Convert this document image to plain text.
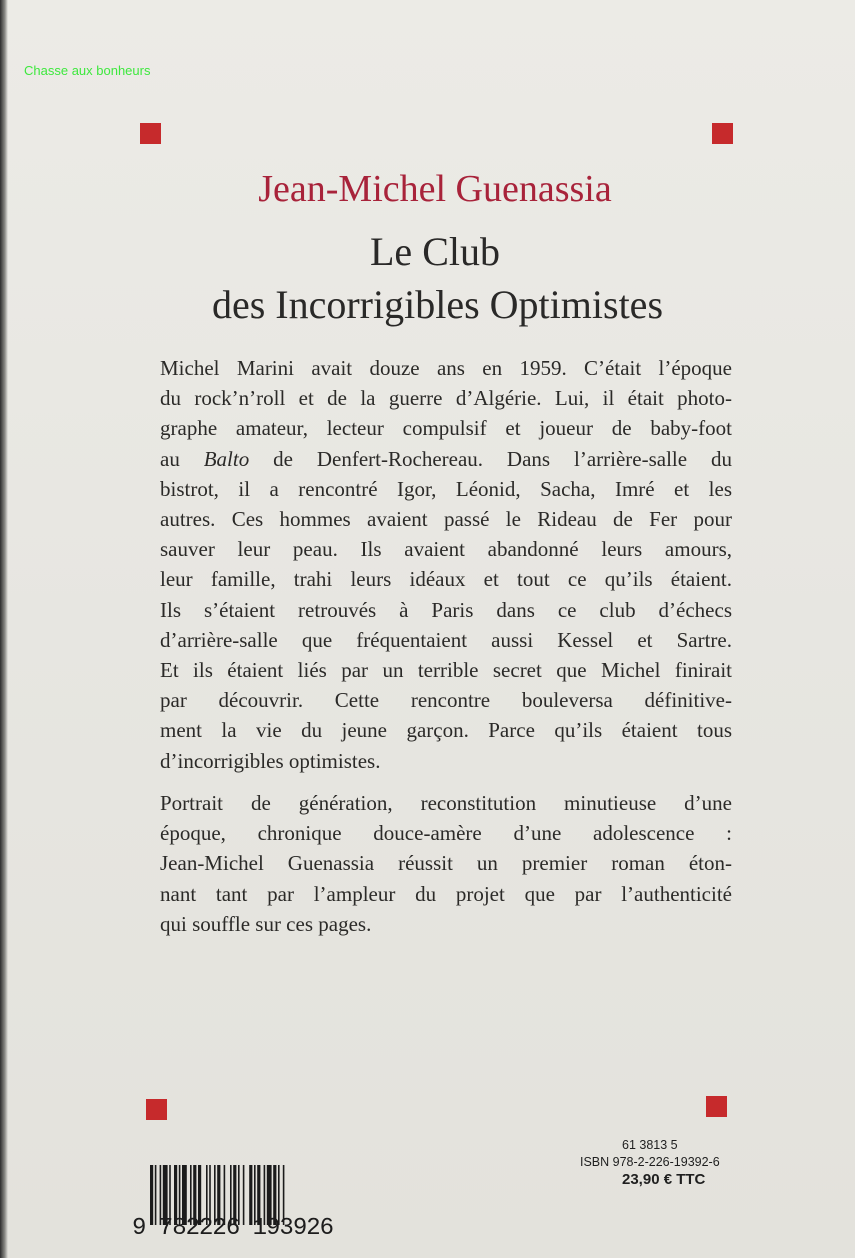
Chasse aux bonheurs
Jean-Michel Guenassia
Le Club
des Incorrigibles Optimistes
Michel Marini avait douze ans en 1959. C’était l’époque
du rock’n’roll et de la guerre d’Algérie. Lui, il était photo-
graphe amateur, lecteur compulsif et joueur de baby-foot
au Balto de Denfert-Rochereau. Dans l’arrière-salle du
bistrot, il a rencontré Igor, Léonid, Sacha, Imré et les
autres. Ces hommes avaient passé le Rideau de Fer pour
sauver leur peau. Ils avaient abandonné leurs amours,
leur famille, trahi leurs idéaux et tout ce qu’ils étaient.
Ils s’étaient retrouvés à Paris dans ce club d’échecs
d’arrière-salle que fréquentaient aussi Kessel et Sartre.
Et ils étaient liés par un terrible secret que Michel finirait
par découvrir. Cette rencontre bouleversa définitive-
ment la vie du jeune garçon. Parce qu’ils étaient tous
d’incorrigibles optimistes.
Portrait de génération, reconstitution minutieuse d’une
époque, chronique douce-amère d’une adolescence :
Jean-Michel Guenassia réussit un premier roman éton-
nant tant par l’ampleur du projet que par l’authenticité
qui souffle sur ces pages.
9 782226 193926
61 3813 5
ISBN 978-2-226-19392-6
23,90 € TTC
